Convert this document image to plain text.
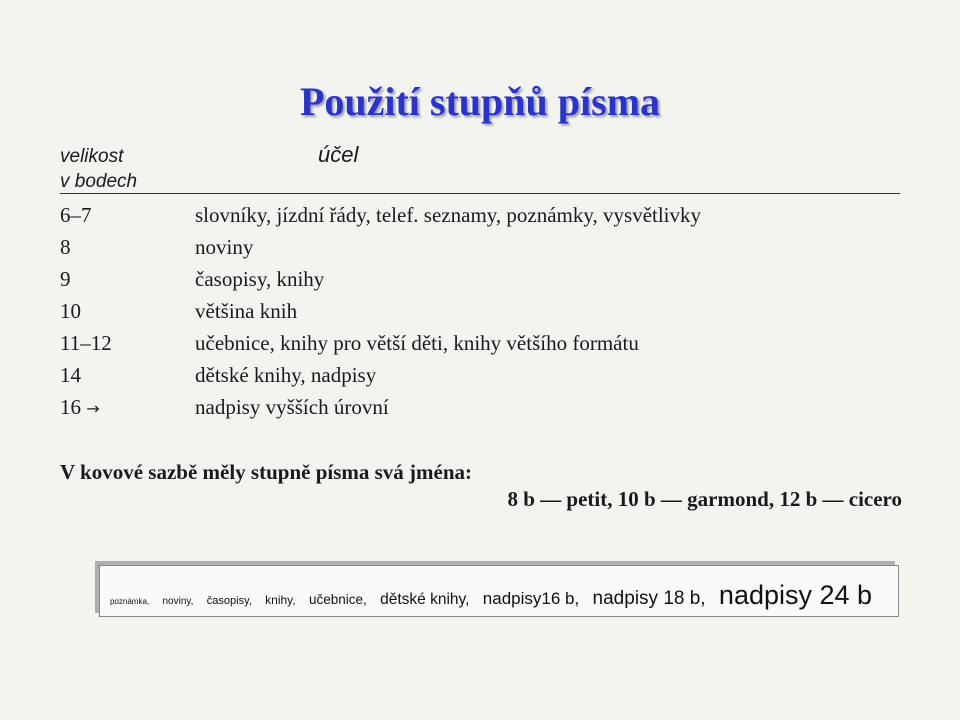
Použití stupňů písma
velikost
v bodech
účel
6–7	slovníky, jízdní řády, telef. seznamy, poznámky, vysvětlivky
8	noviny
9	časopisy, knihy
10	většina knih
11–12	učebnice, knihy pro větší děti, knihy většího formátu
14	dětské knihy, nadpisy
16 →	nadpisy vyšších úrovní
V kovové sazbě měly stupně písma svá jména:
8 b — petit, 10 b — garmond, 12 b — cicero
poznámka, noviny, časopisy, knihy, učebnice, dětské knihy, nadpisy16 b, nadpisy 18 b, nadpisy 24 b
